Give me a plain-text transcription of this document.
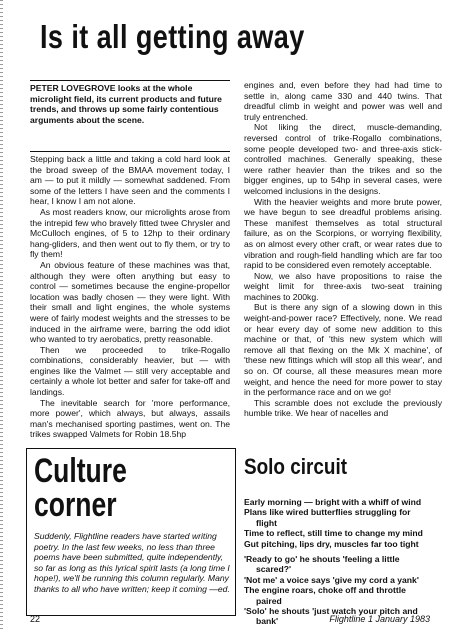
Is it all getting away
PETER LOVEGROVE looks at the whole microlight field, its current products and future trends, and throws up some fairly contentious arguments about the scene.

Stepping back a little and taking a cold hard look at the broad sweep of the BMAA movement today, I am — to put it mildly — somewhat saddened. From some of the letters I have seen and the comments I hear, I know I am not alone.

As most readers know, our microlights arose from the intrepid few who bravely fitted twee Chrysler and McCulloch engines, of 5 to 12hp to their ordinary hang-gliders, and then went out to fly them, or try to fly them!

An obvious feature of these machines was that, although they were often anything but easy to control — sometimes because the engine-propellor location was badly chosen — they were light. With their small and light engines, the whole systems were of fairly modest weights and the stresses to be induced in the airframe were, barring the odd idiot who wanted to try aerobatics, pretty reasonable.

Then we proceeded to trike-Rogallo combinations, considerably heavier, but — with engines like the Valmet — still very acceptable and certainly a whole lot better and safer for take-off and landings.

The inevitable search for 'more performance, more power', which always, but always, assails man's mechanised sporting pastimes, went on. The trikes swapped Valmets for Robin 18.5hp

engines and, even before they had had time to settle in, along came 330 and 440 twins. That dreadful climb in weight and power was well and truly entrenched.

Not liking the direct, muscle-demanding, reversed control of trike-Rogallo combinations, some people developed two- and three-axis stick-controlled machines. Generally speaking, these were rather heavier than the trikes and so the bigger engines, up to 54hp in several cases, were welcomed inclusions in the designs.

With the heavier weights and more brute power, we have begun to see dreadful problems arising. These manifest themselves as total structural failure, as on the Scorpions, or worrying flexibility, as on almost every other craft, or wear rates due to vibration and rough-field handling which are far too rapid to be considered even remotely acceptable.

Now, we also have propositions to raise the weight limit for three-axis two-seat training machines to 200kg.

But is there any sign of a slowing down in this weight-and-power race? Effectively, none. We read or hear every day of some new addition to this machine or that, of 'this new system which will remove all that flexing on the Mk X machine', of 'these new fittings which will stop all this wear', and so on. Of course, all these measures mean more weight, and hence the need for more power to stay in the performance race and on we go!

This scramble does not exclude the previously humble trike. We hear of nacelles and

Culture
corner
Suddenly, Flightline readers have started writing poetry. In the last few weeks, no less than three poems have been submitted, quite independently, so far as long as this lyrical spirit lasts (a long time I hope!), we'll be running this column regularly. Many thanks to all who have written; keep it coming —ed.
Solo circuit
Early morning — bright with a whiff of wind
Plans like wired butterflies struggling for
flight
Time to reflect, still time to change my mind
Gut pitching, lips dry, muscles far too tight
'Ready to go' he shouts 'feeling a little
scared?'
'Not me' a voice says 'give my cord a yank'
The engine roars, choke off and throttle
paired
'Solo' he shouts 'just watch your pitch and
bank'
22	Flightline 1 January 1983
